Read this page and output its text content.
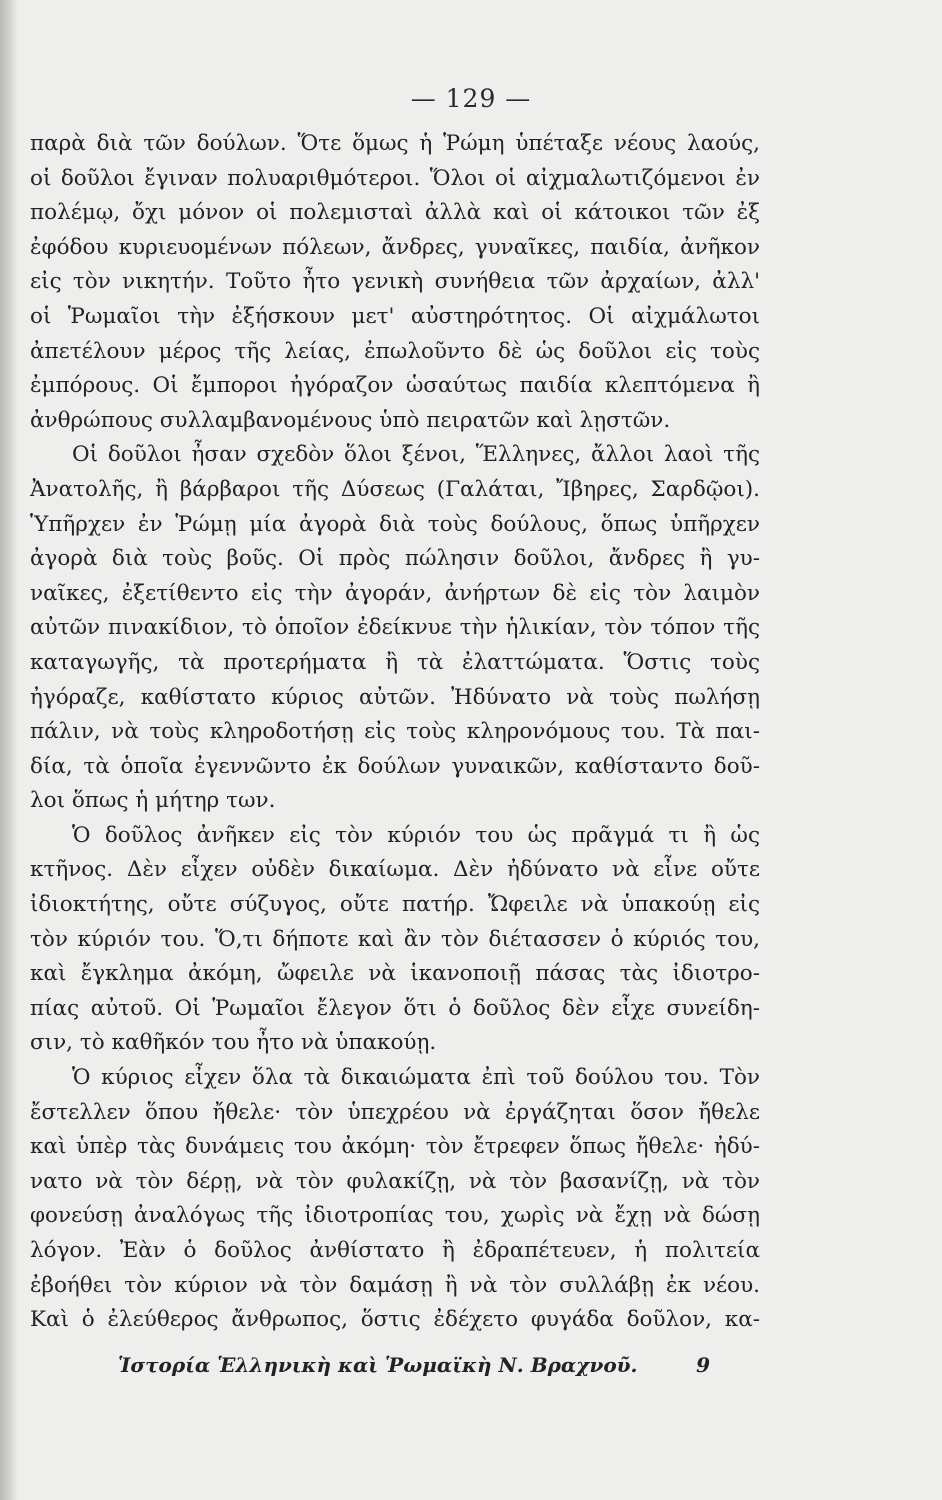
— 129 —
παρὰ διὰ τῶν δούλων. Ὅτε ὅμως ἡ Ῥώμη ὑπέταξε νέους λαούς,
οἱ δοῦλοι ἔγιναν πολυαριθμότεροι. Ὅλοι οἱ αἰχμαλωτιζόμενοι ἐν
πολέμῳ, ὄχι μόνον οἱ πολεμισταὶ ἀλλὰ καὶ οἱ κάτοικοι τῶν ἐξ
ἐφόδου κυριευομένων πόλεων, ἄνδρες, γυναῖκες, παιδία, ἀνῆκον
εἰς τὸν νικητήν. Τοῦτο ἦτο γενικὴ συνήθεια τῶν ἀρχαίων, ἀλλ'
οἱ Ῥωμαῖοι τὴν ἐξήσκουν μετ' αὐστηρότητος. Οἱ αἰχμάλωτοι
ἀπετέλουν μέρος τῆς λείας, ἐπωλοῦντο δὲ ὡς δοῦλοι εἰς τοὺς
ἐμπόρους. Οἱ ἔμποροι ἠγόραζον ὡσαύτως παιδία κλεπτόμενα ἢ
ἀνθρώπους συλλαμβανομένους ὑπὸ πειρατῶν καὶ λῃστῶν.
Οἱ δοῦλοι ἦσαν σχεδὸν ὅλοι ξένοι, Ἕλληνες, ἄλλοι λαοὶ τῆς
Ἀνατολῆς, ἢ βάρβαροι τῆς Δύσεως (Γαλάται, Ἴβηρες, Σαρδῷοι).
Ὑπῆρχεν ἐν Ῥώμῃ μία ἀγορὰ διὰ τοὺς δούλους, ὅπως ὑπῆρχεν
ἀγορὰ διὰ τοὺς βοῦς. Οἱ πρὸς πώλησιν δοῦλοι, ἄνδρες ἢ γυ-
ναῖκες, ἐξετίθεντο εἰς τὴν ἀγοράν, ἀνήρτων δὲ εἰς τὸν λαιμὸν
αὐτῶν πινακίδιον, τὸ ὁποῖον ἐδείκνυε τὴν ἡλικίαν, τὸν τόπον τῆς
καταγωγῆς, τὰ προτερήματα ἢ τὰ ἐλαττώματα. Ὅστις τοὺς
ἠγόραζε, καθίστατο κύριος αὐτῶν. Ἠδύνατο νὰ τοὺς πωλήσῃ
πάλιν, νὰ τοὺς κληροδοτήσῃ εἰς τοὺς κληρονόμους του. Τὰ παι-
δία, τὰ ὁποῖα ἐγεννῶντο ἐκ δούλων γυναικῶν, καθίσταντο δοῦ-
λοι ὅπως ἡ μήτηρ των.
Ὁ δοῦλος ἀνῆκεν εἰς τὸν κύριόν του ὡς πρᾶγμά τι ἢ ὡς
κτῆνος. Δὲν εἶχεν οὐδὲν δικαίωμα. Δὲν ἠδύνατο νὰ εἶνε οὔτε
ἰδιοκτήτης, οὔτε σύζυγος, οὔτε πατήρ. Ὤφειλε νὰ ὑπακούῃ εἰς
τὸν κύριόν του. Ὅ,τι δήποτε καὶ ἂν τὸν διέτασσεν ὁ κύριός του,
καὶ ἔγκλημα ἀκόμη, ὤφειλε νὰ ἱκανοποιῇ πάσας τὰς ἰδιοτρο-
πίας αὐτοῦ. Οἱ Ῥωμαῖοι ἔλεγον ὅτι ὁ δοῦλος δὲν εἶχε συνείδη-
σιν, τὸ καθῆκόν του ἦτο νὰ ὑπακούῃ.
Ὁ κύριος εἶχεν ὅλα τὰ δικαιώματα ἐπὶ τοῦ δούλου του. Τὸν
ἔστελλεν ὅπου ἤθελε· τὸν ὑπεχρέου νὰ ἐργάζηται ὅσον ἤθελε
καὶ ὑπὲρ τὰς δυνάμεις του ἀκόμη· τὸν ἔτρεφεν ὅπως ἤθελε· ἠδύ-
νατο νὰ τὸν δέρῃ, νὰ τὸν φυλακίζῃ, νὰ τὸν βασανίζῃ, νὰ τὸν
φονεύσῃ ἀναλόγως τῆς ἰδιοτροπίας του, χωρὶς νὰ ἔχῃ νὰ δώσῃ
λόγον. Ἐὰν ὁ δοῦλος ἀνθίστατο ἢ ἐδραπέτευεν, ἡ πολιτεία
ἐβοήθει τὸν κύριον νὰ τὸν δαμάσῃ ἢ νὰ τὸν συλλάβῃ ἐκ νέου.
Καὶ ὁ ἐλεύθερος ἄνθρωπος, ὅστις ἐδέχετο φυγάδα δοῦλον, κα-
Ἱστορία Ἑλληνικὴ καὶ Ῥωμαϊκὴ Ν. Βραχνοῦ.	9
